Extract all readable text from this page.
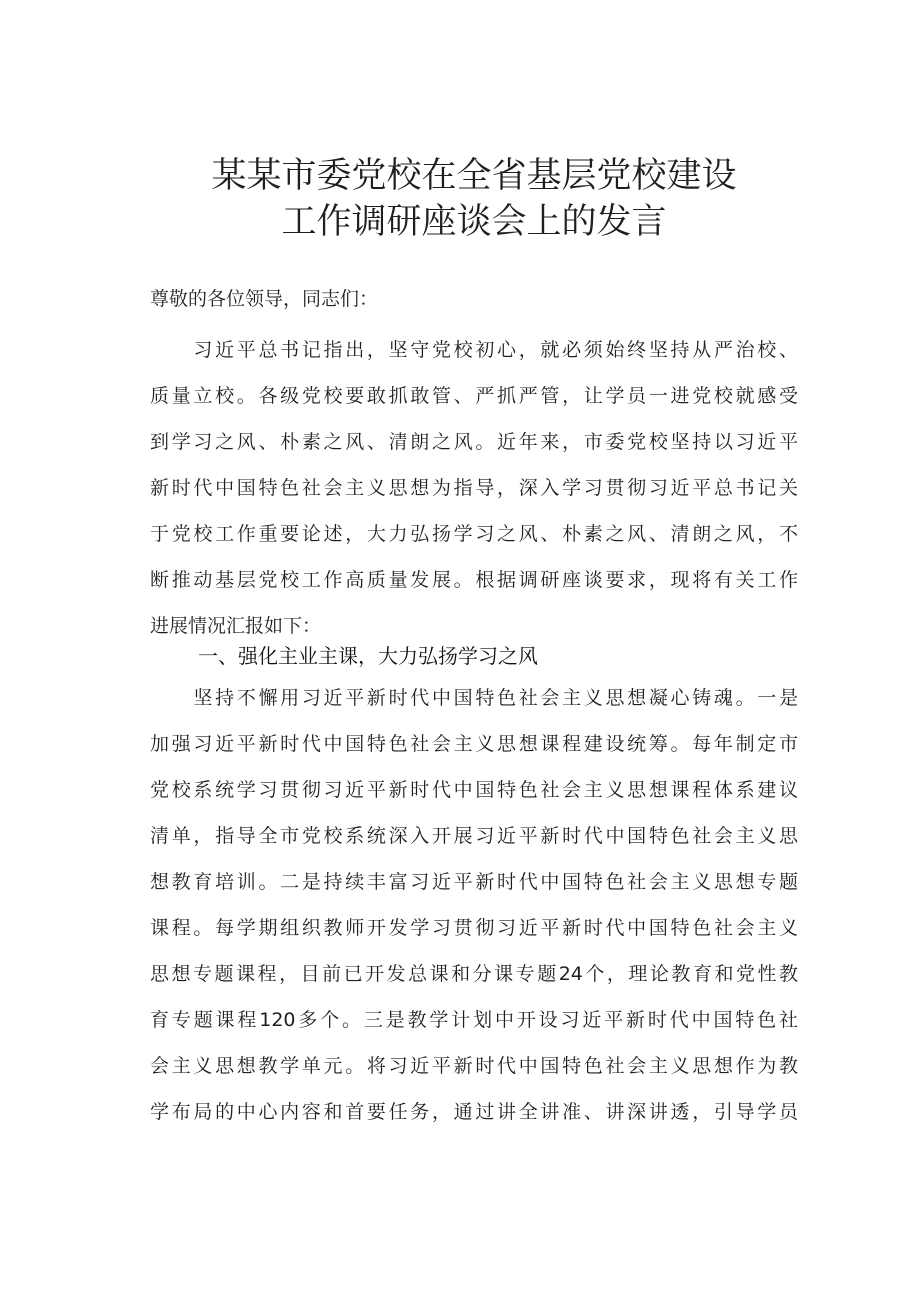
某某市委党校在全省基层党校建设
工作调研座谈会上的发言

尊敬的各位领导，同志们：

　　习近平总书记指出，坚守党校初心，就必须始终坚持从严治校、

质量立校。各级党校要敢抓敢管、严抓严管，让学员一进党校就感受

到学习之风、朴素之风、清朗之风。近年来，市委党校坚持以习近平

新时代中国特色社会主义思想为指导，深入学习贯彻习近平总书记关

于党校工作重要论述，大力弘扬学习之风、朴素之风、清朗之风，不

断推动基层党校工作高质量发展。根据调研座谈要求，现将有关工作

进展情况汇报如下：

一、强化主业主课，大力弘扬学习之风

　　坚持不懈用习近平新时代中国特色社会主义思想凝心铸魂。一是

加强习近平新时代中国特色社会主义思想课程建设统筹。每年制定市

党校系统学习贯彻习近平新时代中国特色社会主义思想课程体系建议

清单，指导全市党校系统深入开展习近平新时代中国特色社会主义思

想教育培训。二是持续丰富习近平新时代中国特色社会主义思想专题

课程。每学期组织教师开发学习贯彻习近平新时代中国特色社会主义

思想专题课程，目前已开发总课和分课专题24个，理论教育和党性教

育专题课程120多个。三是教学计划中开设习近平新时代中国特色社

会主义思想教学单元。将习近平新时代中国特色社会主义思想作为教

学布局的中心内容和首要任务，通过讲全讲准、讲深讲透，引导学员
